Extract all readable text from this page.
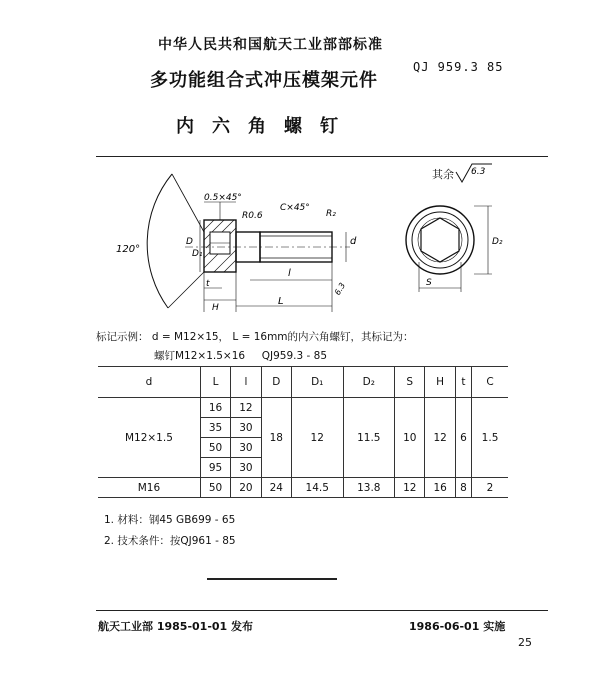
中华人民共和国航天工业部部标准
QJ 959.3 85
多功能组合式冲压模架元件
内六角螺钉
其余 6.3
120°
0.5×45°
R0.6
C×45°
R₂
D
D₁
d
t
H
l
L
6.3
D₂
S
标记示例： d = M12×15， L = 16mm的内六角螺钉，其标记为：
螺钉M12×1.5×16 QJ959.3 - 85
d	L	l	D	D₁	D₂	S	H	t	C
M12×1.5	16	12	18	12	11.5	10	12	6	1.5
	35	30							
	50	30							
	95	30							
M16	50	20	24	14.5	13.8	12	16	8	2
1. 材料：钢45 GB699 - 65
2. 技术条件：按QJ961 - 85
航天工业部 1985-01-01 发布	1986-06-01 实施
25
